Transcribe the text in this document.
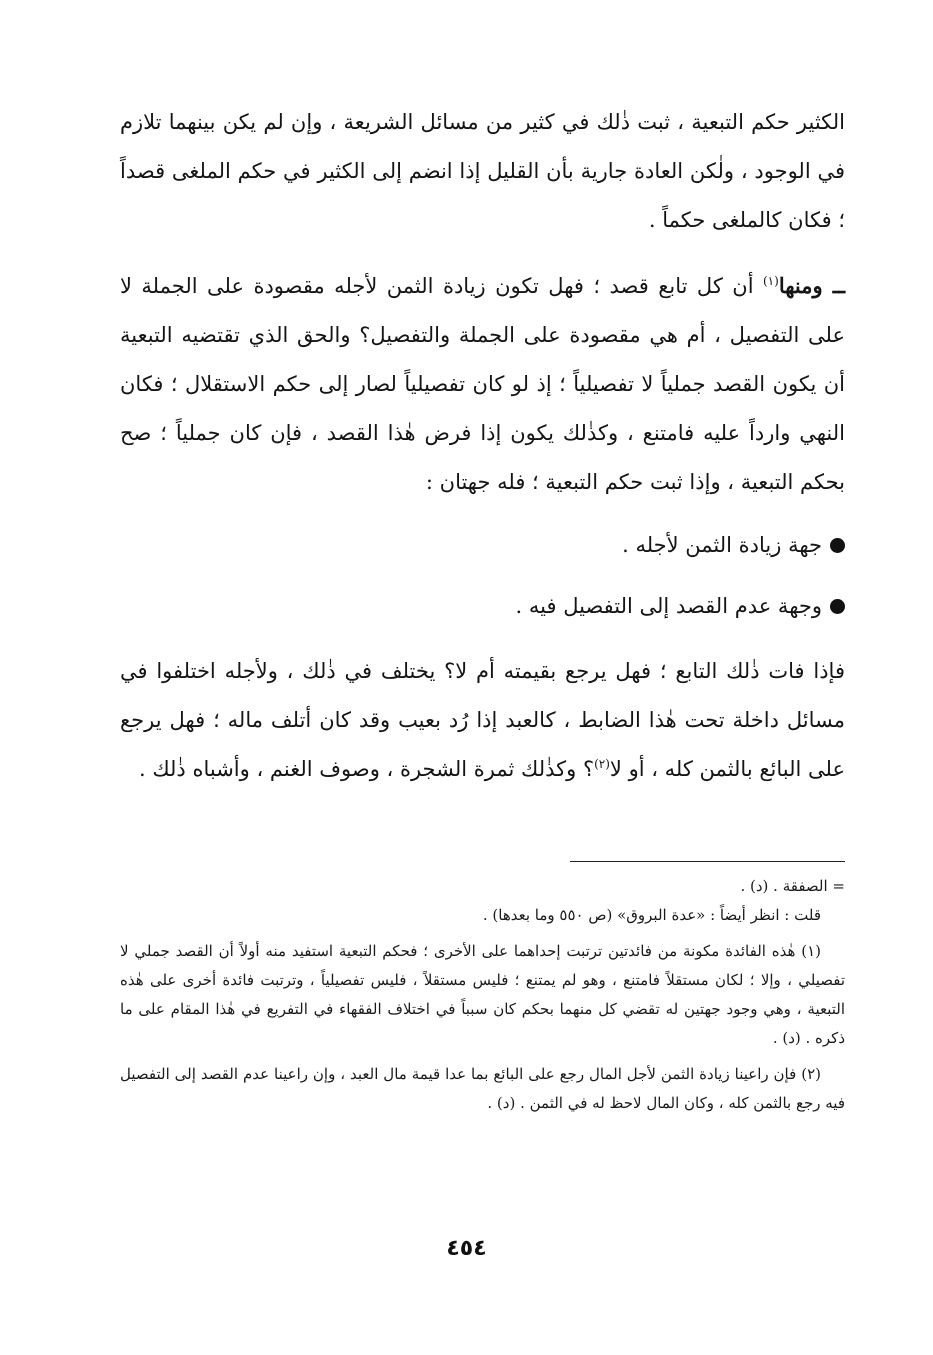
الكثير حكم التبعية ، ثبت ذٰلك في كثير من مسائل الشريعة ، وإن لم يكن بينهما تلازم في الوجود ، ولٰكن العادة جارية بأن القليل إذا انضم إلى الكثير في حكم الملغى قصداً ؛ فكان كالملغى حكماً .

ــ ومنها$^{(١)}$ أن كل تابع قصد ؛ فهل تكون زيادة الثمن لأجله مقصودة على الجملة لا على التفصيل ، أم هي مقصودة على الجملة والتفصيل؟ والحق الذي تقتضيه التبعية أن يكون القصد جملياً لا تفصيلياً ؛ إذ لو كان تفصيلياً لصار إلى حكم الاستقلال ؛ فكان النهي وارداً عليه فامتنع ، وكذٰلك يكون إذا فرض هٰذا القصد ، فإن كان جملياً ؛ صح بحكم التبعية ، وإذا ثبت حكم التبعية ؛ فله جهتان :

جهة زيادة الثمن لأجله .

وجهة عدم القصد إلى التفصيل فيه .

فإذا فات ذٰلك التابع ؛ فهل يرجع بقيمته أم لا؟ يختلف في ذٰلك ، ولأجله اختلفوا في مسائل داخلة تحت هٰذا الضابط ، كالعبد إذا رُد بعيب وقد كان أتلف ماله ؛ فهل يرجع على البائع بالثمن كله ، أو لا$^{(٢)}$؟ وكذٰلك ثمرة الشجرة ، وصوف الغنم ، وأشباه ذٰلك .

= الصفقة . (د) .

قلت : انظر أيضاً : «عدة البروق» (ص ٥٥٠ وما بعدها) .

(١) هٰذه الفائدة مكونة من فائدتين ترتبت إحداهما على الأخرى ؛ فحكم التبعية استفيد منه أولاً أن القصد جملي لا تفصيلي ، وإلا ؛ لكان مستقلاً فامتنع ، وهو لم يمتنع ؛ فليس مستقلاً ، فليس تفصيلياً ، وترتبت فائدة أخرى على هٰذه التبعية ، وهي وجود جهتين له تقضي كل منهما بحكم كان سبباً في اختلاف الفقهاء في التفريع في هٰذا المقام على ما ذكره . (د) .

(٢) فإن راعينا زيادة الثمن لأجل المال رجع على البائع بما عدا قيمة مال العبد ، وإن راعينا عدم القصد إلى التفصيل فيه رجع بالثمن كله ، وكان المال لاحظ له في الثمن . (د) .

٤٥٤
